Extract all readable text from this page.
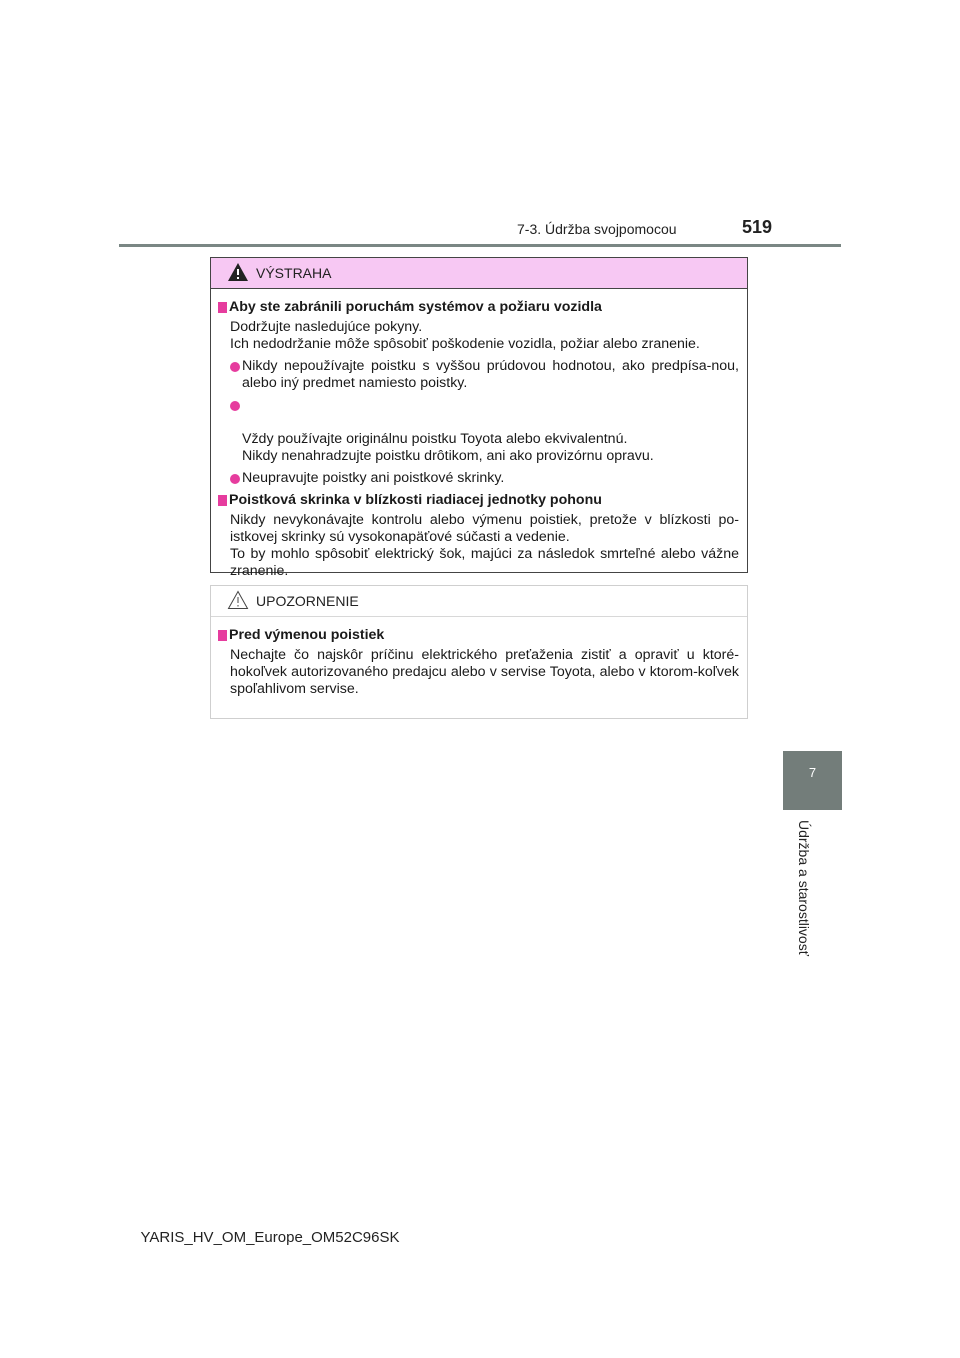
7-3. Údržba svojpomocou	519
7
Údržba a starostlivosť
VÝSTRAHA
Aby ste zabránili poruchám systémov a požiaru vozidla
Dodržujte nasledujúce pokyny.
Ich nedodržanie môže spôsobiť poškodenie vozidla, požiar alebo zranenie.
Nikdy nepoužívajte poistku s vyššou prúdovou hodnotou, ako predpísa-nou, alebo iný predmet namiesto poistky.

Vždy používajte originálnu poistku Toyota alebo ekvivalentnú.
Nikdy nenahradzujte poistku drôtikom, ani ako provizórnu opravu.

Neupravujte poistky ani poistkové skrinky.
Poistková skrinka v blízkosti riadiacej jednotky pohonu
Nikdy nevykonávajte kontrolu alebo výmenu poistiek, pretože v blízkosti po-istkovej skrinky sú vysokonapäťové súčasti a vedenie.
To by mohlo spôsobiť elektrický šok, majúci za následok smrteľné alebo vážne zranenie.
UPOZORNENIE
Pred výmenou poistiek
Nechajte čo najskôr príčinu elektrického preťaženia zistiť a opraviť u ktoré-hokoľvek autorizovaného predajcu alebo v servise Toyota, alebo v ktorom-koľvek spoľahlivom servise.
YARIS_HV_OM_Europe_OM52C96SK
